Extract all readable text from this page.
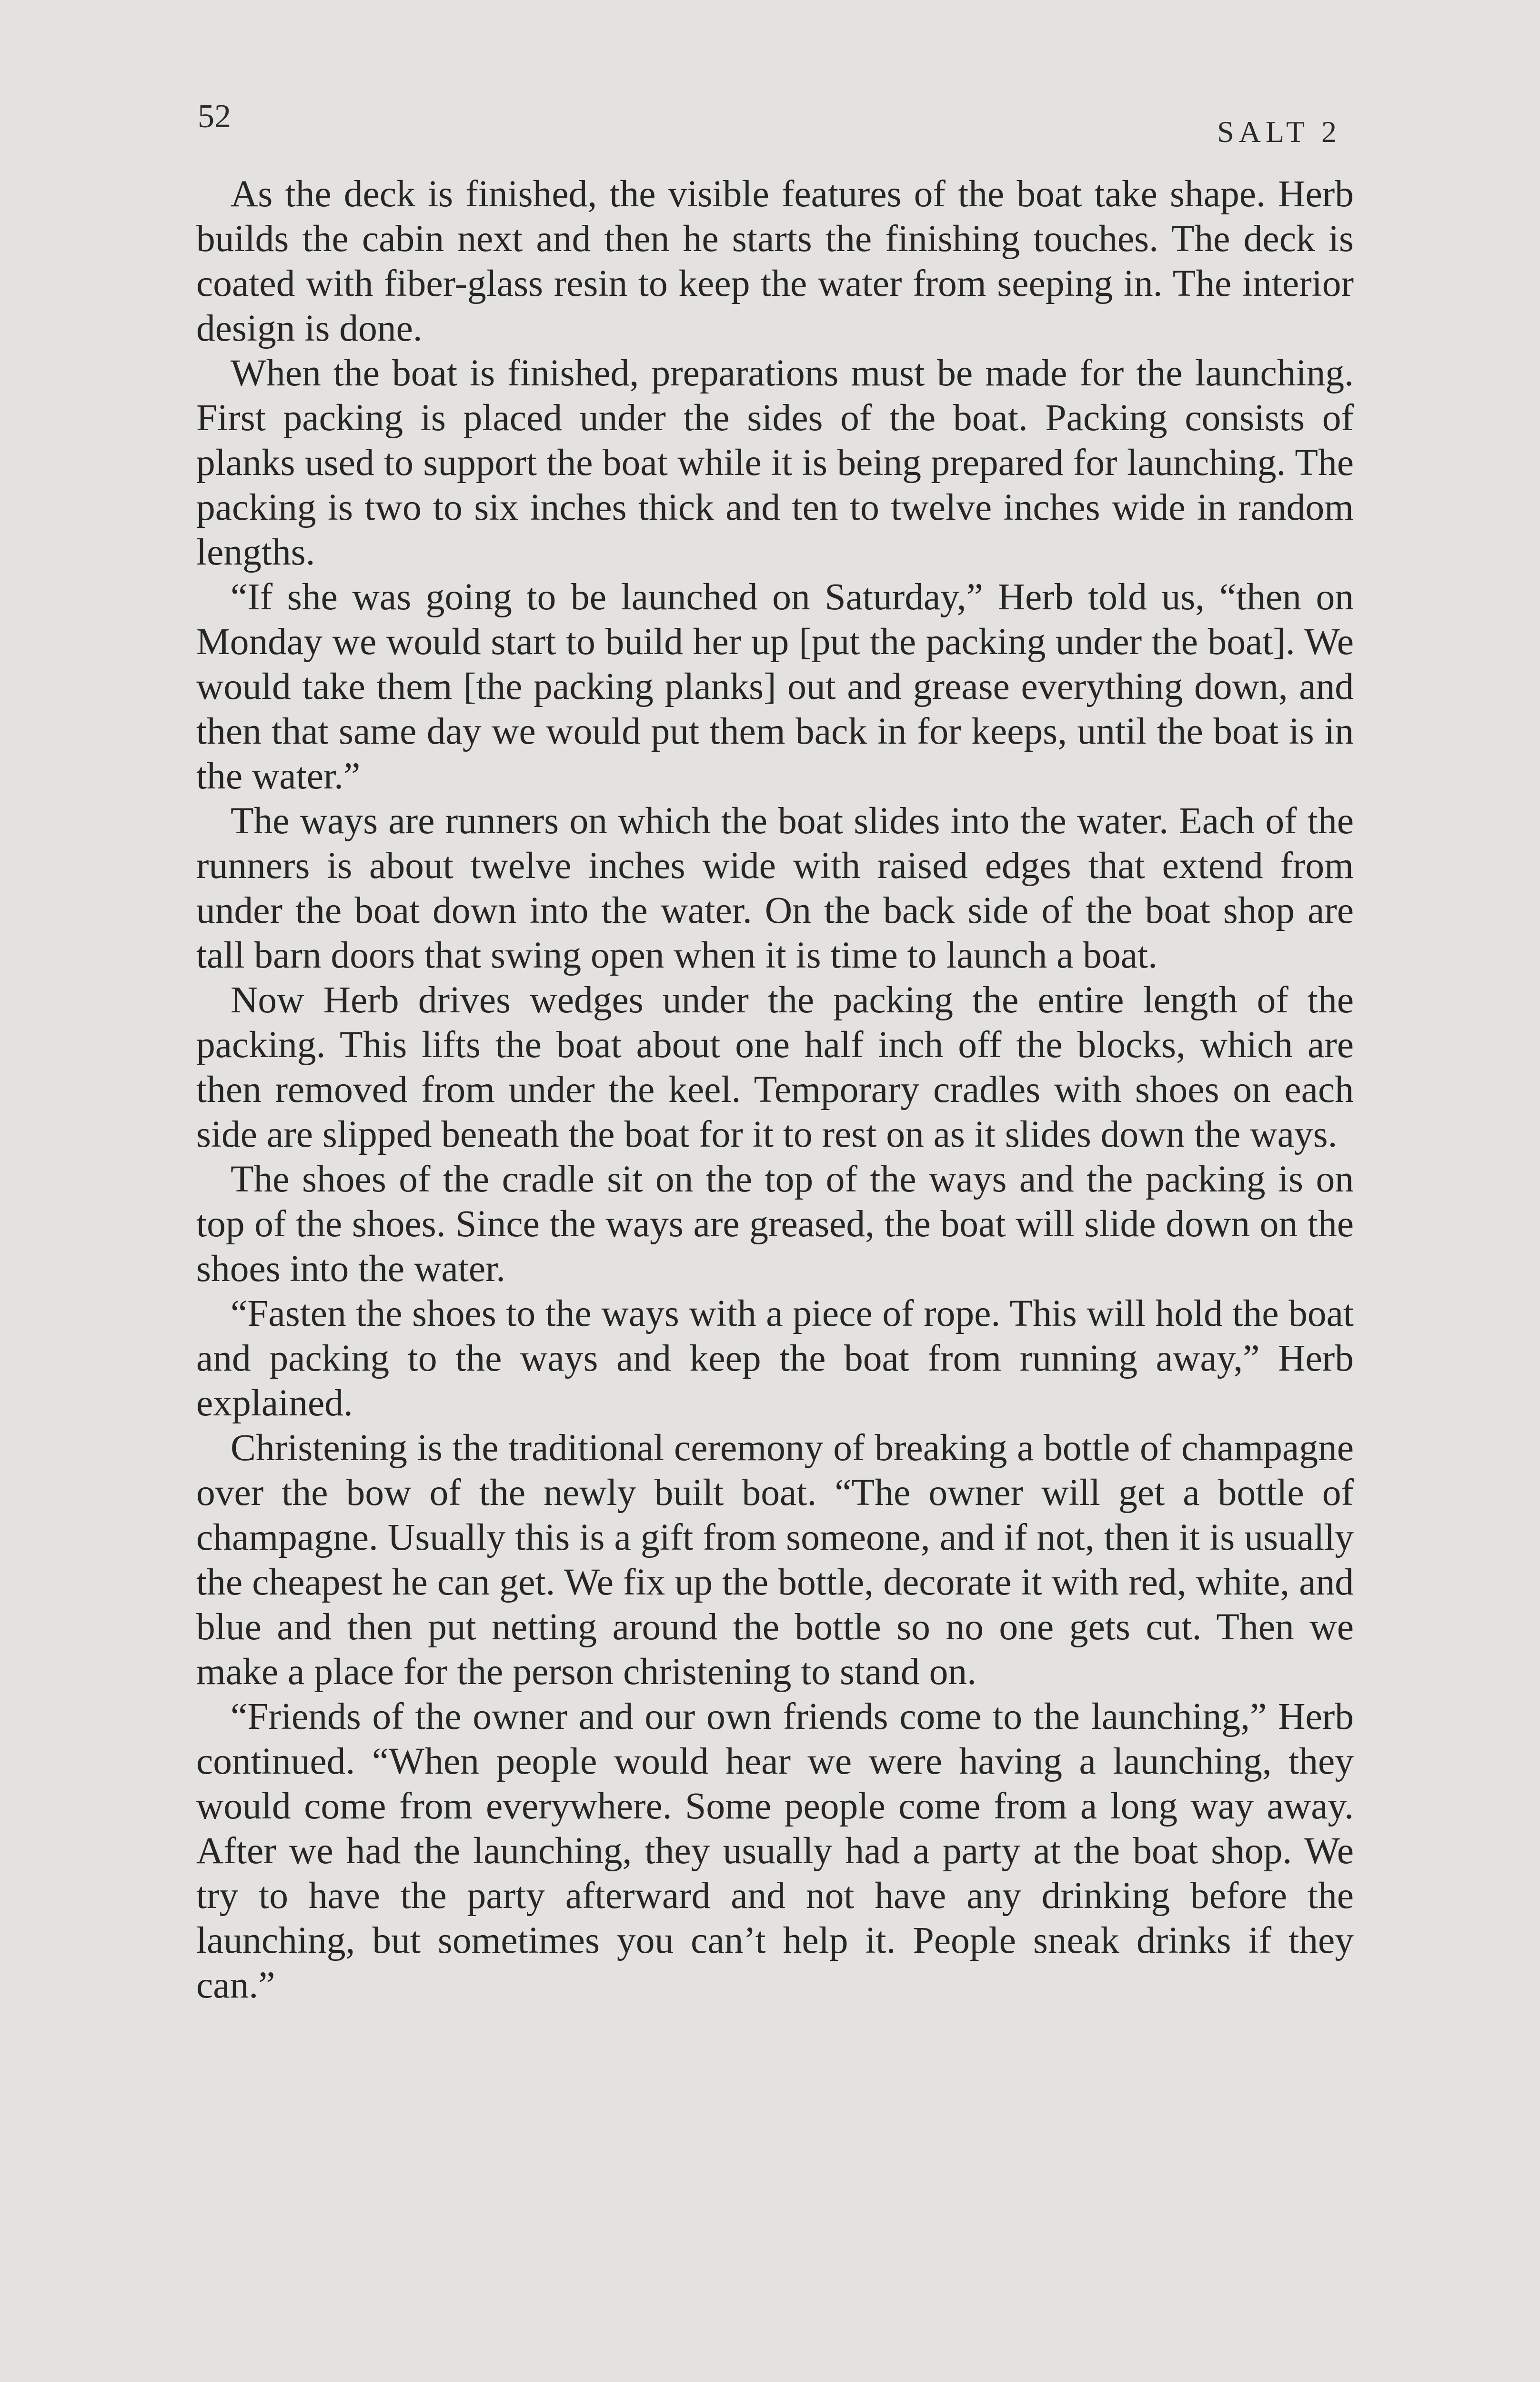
52	SALT 2

As the deck is finished, the visible features of the boat take shape. Herb builds the cabin next and then he starts the finishing touches. The deck is coated with fiber-glass resin to keep the water from seeping in. The interior design is done.

When the boat is finished, preparations must be made for the launching. First packing is placed under the sides of the boat. Packing consists of planks used to support the boat while it is being prepared for launching. The packing is two to six inches thick and ten to twelve inches wide in random lengths.

“If she was going to be launched on Saturday,” Herb told us, “then on Monday we would start to build her up [put the packing under the boat]. We would take them [the packing planks] out and grease everything down, and then that same day we would put them back in for keeps, until the boat is in the water.”

The ways are runners on which the boat slides into the water. Each of the runners is about twelve inches wide with raised edges that extend from under the boat down into the water. On the back side of the boat shop are tall barn doors that swing open when it is time to launch a boat.

Now Herb drives wedges under the packing the entire length of the packing. This lifts the boat about one half inch off the blocks, which are then removed from under the keel. Temporary cradles with shoes on each side are slipped beneath the boat for it to rest on as it slides down the ways.

The shoes of the cradle sit on the top of the ways and the packing is on top of the shoes. Since the ways are greased, the boat will slide down on the shoes into the water.

“Fasten the shoes to the ways with a piece of rope. This will hold the boat and packing to the ways and keep the boat from running away,” Herb explained.

Christening is the traditional ceremony of breaking a bottle of champagne over the bow of the newly built boat. “The owner will get a bottle of champagne. Usually this is a gift from someone, and if not, then it is usually the cheapest he can get. We fix up the bottle, decorate it with red, white, and blue and then put netting around the bottle so no one gets cut. Then we make a place for the person christening to stand on.

“Friends of the owner and our own friends come to the launching,” Herb continued. “When people would hear we were having a launching, they would come from everywhere. Some people come from a long way away. After we had the launching, they usually had a party at the boat shop. We try to have the party afterward and not have any drinking before the launching, but sometimes you can’t help it. People sneak drinks if they can.”
